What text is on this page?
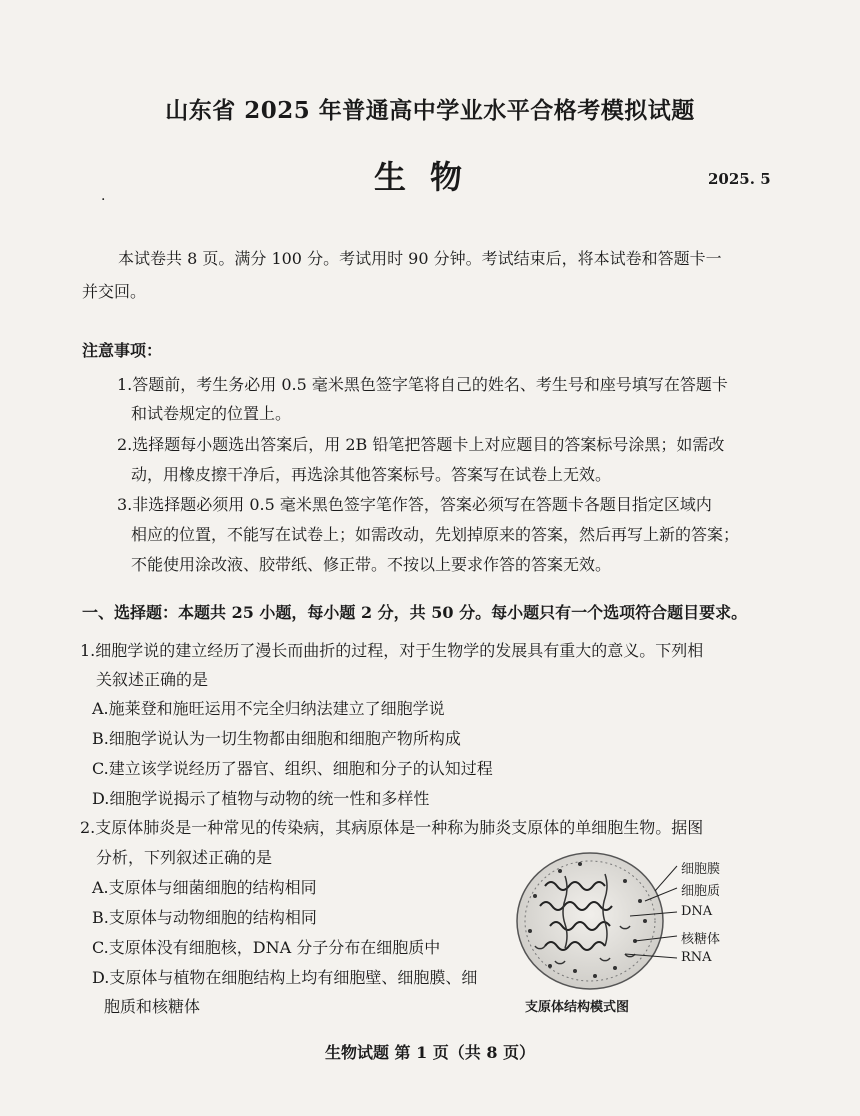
山东省 2025 年普通高中学业水平合格考模拟试题
生物	2025. 5
·
本试卷共 8 页。满分 100 分。考试用时 90 分钟。考试结束后，将本试卷和答题卡一
并交回。
注意事项：
1.答题前，考生务必用 0.5 毫米黑色签字笔将自己的姓名、考生号和座号填写在答题卡
和试卷规定的位置上。
2.选择题每小题选出答案后，用 2B 铅笔把答题卡上对应题目的答案标号涂黑；如需改
动，用橡皮擦干净后，再选涂其他答案标号。答案写在试卷上无效。
3.非选择题必须用 0.5 毫米黑色签字笔作答，答案必须写在答题卡各题目指定区域内
相应的位置，不能写在试卷上；如需改动，先划掉原来的答案，然后再写上新的答案；
不能使用涂改液、胶带纸、修正带。不按以上要求作答的答案无效。
一、选择题：本题共 25 小题，每小题 2 分，共 50 分。每小题只有一个选项符合题目要求。
1.细胞学说的建立经历了漫长而曲折的过程，对于生物学的发展具有重大的意义。下列相
关叙述正确的是
A.施莱登和施旺运用不完全归纳法建立了细胞学说
B.细胞学说认为一切生物都由细胞和细胞产物所构成
C.建立该学说经历了器官、组织、细胞和分子的认知过程
D.细胞学说揭示了植物与动物的统一性和多样性
2.支原体肺炎是一种常见的传染病，其病原体是一种称为肺炎支原体的单细胞生物。据图
分析，下列叙述正确的是
A.支原体与细菌细胞的结构相同
B.支原体与动物细胞的结构相同
C.支原体没有细胞核，DNA 分子分布在细胞质中
D.支原体与植物在细胞结构上均有细胞壁、细胞膜、细
胞质和核糖体
细胞膜
细胞质
DNA
核糖体
RNA
支原体结构模式图
生物试题 第 1 页（共 8 页）
